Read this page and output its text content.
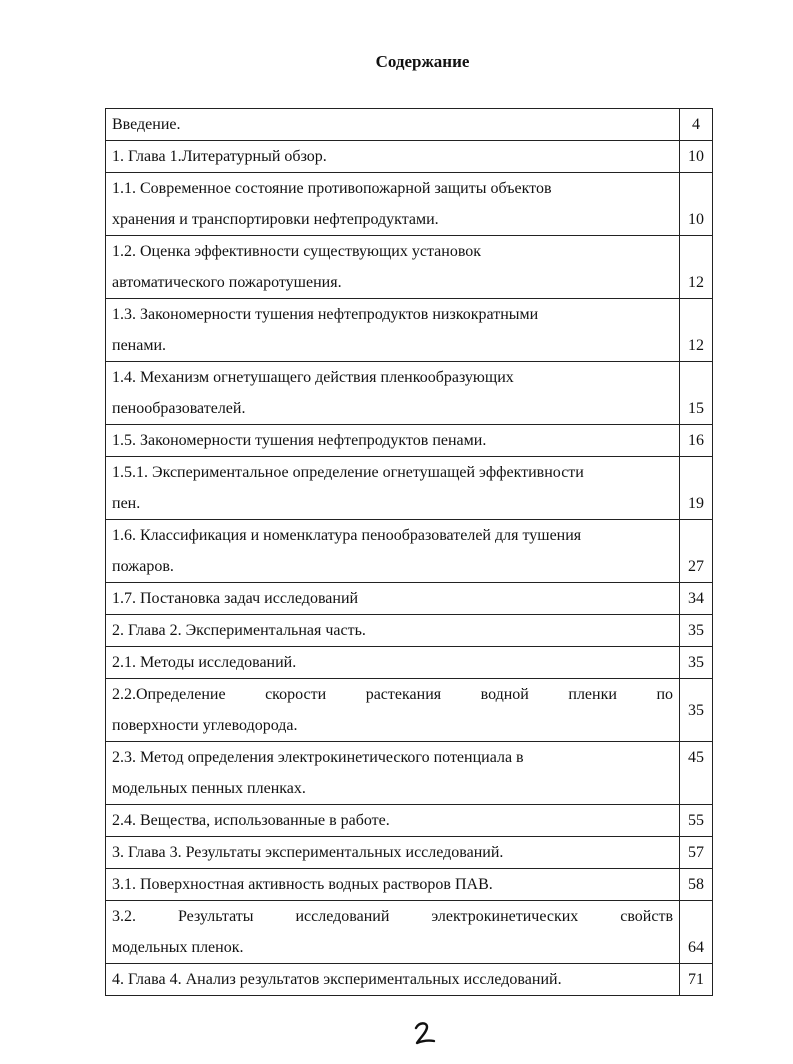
Содержание
Введение.	4
1. Глава 1.Литературный обзор.	10
1.1. Современное состояние противопожарной защиты объектов
хранения и транспортировки нефтепродуктами.	10
1.2. Оценка эффективности существующих установок
автоматического пожаротушения.	12
1.3. Закономерности тушения нефтепродуктов низкократными
пенами.	12
1.4. Механизм огнетушащего действия пленкообразующих
пенообразователей.	15
1.5. Закономерности тушения нефтепродуктов пенами.	16
1.5.1. Экспериментальное определение огнетушащей эффективности
пен.	19
1.6. Классификация и номенклатура пенообразователей для тушения
пожаров.	27
1.7. Постановка задач исследований	34
2. Глава 2. Экспериментальная часть.	35
2.1. Методы исследований.	35

2.2.Определение скорости растекания водной пленки по
поверхности углеводорода.	35
2.3. Метод определения электрокинетического потенциала в
модельных пенных пленках.	45
2.4. Вещества, использованные в работе.	55
3. Глава 3. Результаты экспериментальных исследований.	57
3.1. Поверхностная активность водных растворов ПАВ.	58

3.2. Результаты исследований электрокинетических свойств
модельных пленок.	64
4. Глава 4. Анализ результатов экспериментальных исследований.	71
